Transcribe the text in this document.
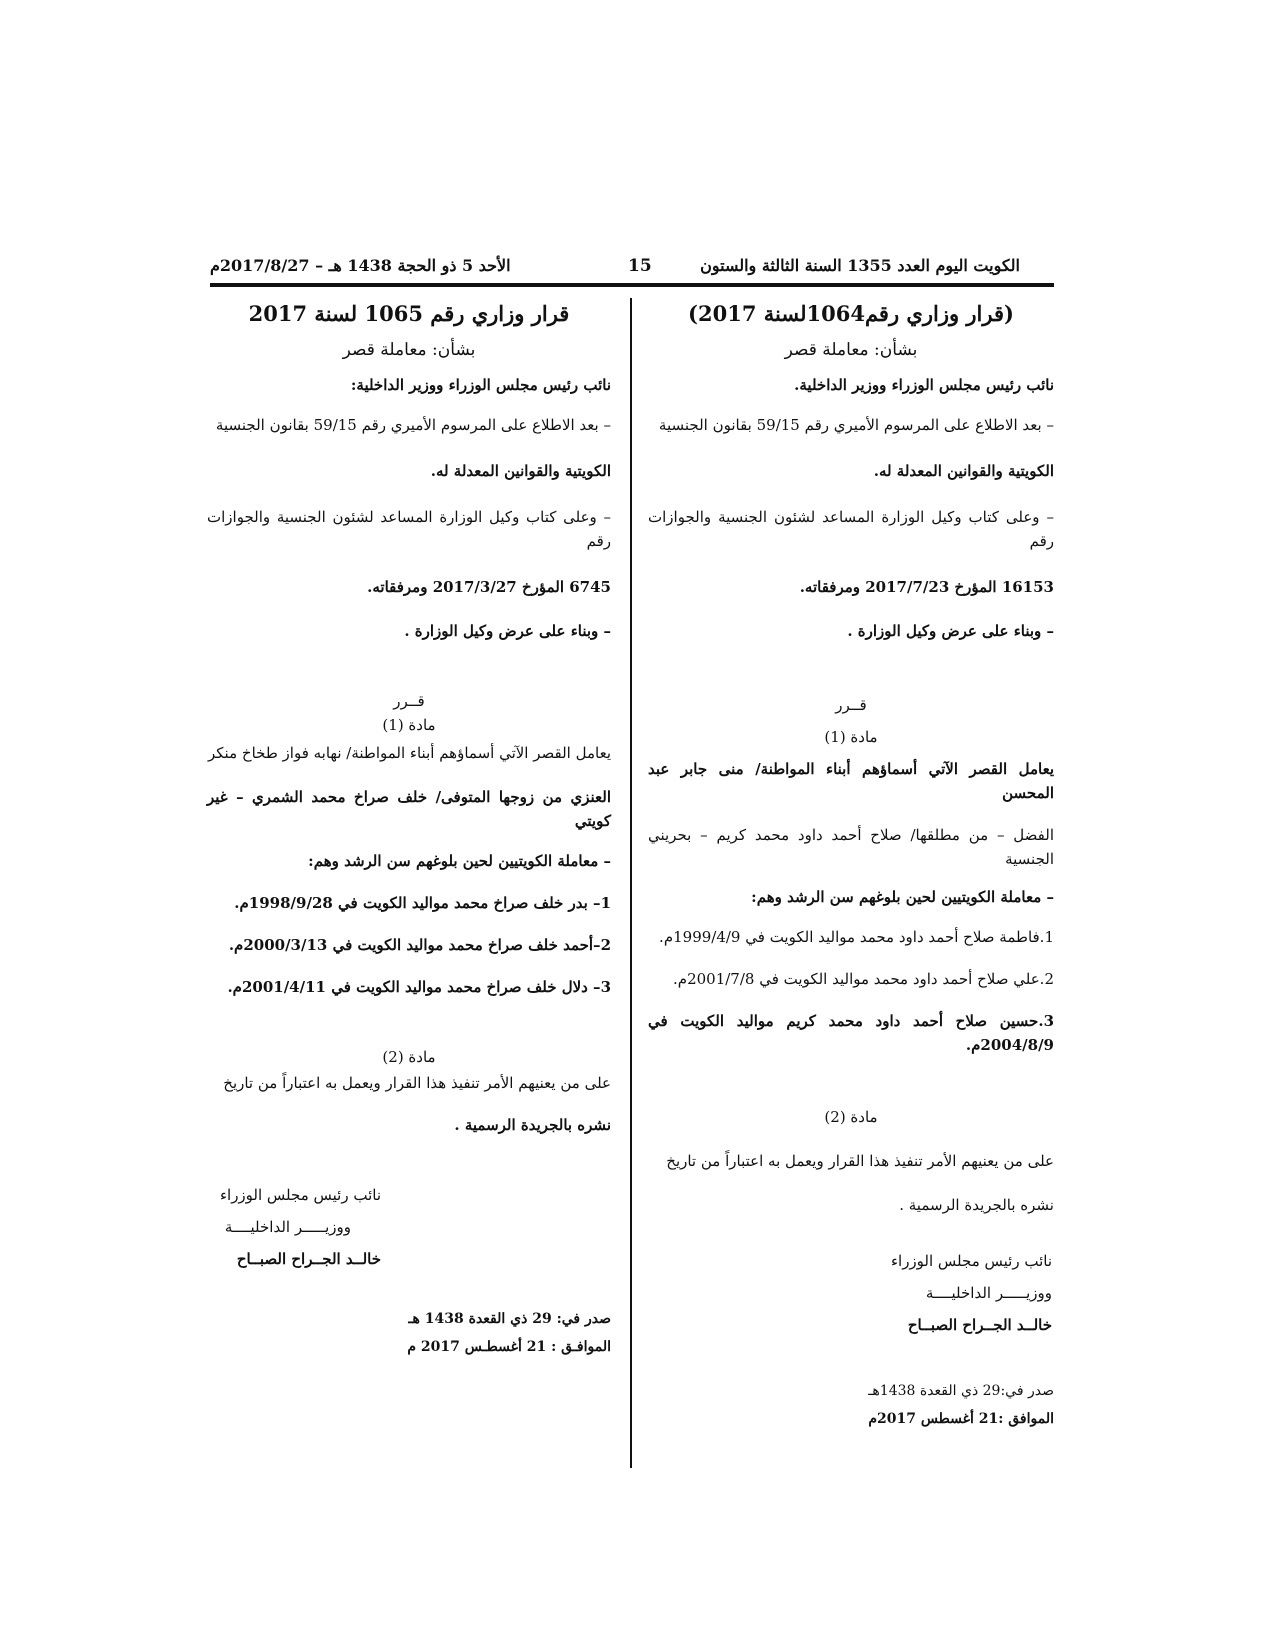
الكويت اليوم العدد 1355 السنة الثالثة والستون
15
الأحد 5 ذو الحجة 1438 هـ – 2017/8/27م

(قرار وزاري رقم1064لسنة 2017)

بشأن: معاملة قصر

نائب رئيس مجلس الوزراء ووزير الداخلية.

– بعد الاطلاع على المرسوم الأميري رقم 59/15 بقانون الجنسية

الكويتية والقوانين المعدلة له.

– وعلى كتاب وكيل الوزارة المساعد لشئون الجنسية والجوازات رقم

16153 المؤرخ 2017/7/23 ومرفقاته.

– وبناء على عرض وكيل الوزارة .

قــرر

مادة (1)

يعامل القصر الآتي أسماؤهم أبناء المواطنة/ منى جابر عبد المحسن

الفضل – من مطلقها/ صلاح أحمد داود محمد كريم – بحريني الجنسية

– معاملة الكويتيين لحين بلوغهم سن الرشد وهم:

1.فاطمة صلاح أحمد داود محمد مواليد الكويت في 1999/4/9م.

2.علي صلاح أحمد داود محمد مواليد الكويت في 2001/7/8م.

3.حسين صلاح أحمد داود محمد كريم مواليد الكويت في 2004/8/9م.

مادة (2)

على من يعنيهم الأمر تنفيذ هذا القرار ويعمل به اعتباراً من تاريخ

نشره بالجريدة الرسمية .

نائب رئيس مجلس الوزراء

ووزيـــــر الداخليــــة

خالــد الجــراح الصبــاح

صدر في:29 ذي القعدة 1438هـ

الموافق :21 أغسطس 2017م

قرار وزاري رقم 1065 لسنة 2017

بشأن: معاملة قصر

نائب رئيس مجلس الوزراء ووزير الداخلية:

– بعد الاطلاع على المرسوم الأميري رقم 59/15 بقانون الجنسية

الكويتية والقوانين المعدلة له.

– وعلى كتاب وكيل الوزارة المساعد لشئون الجنسية والجوازات رقم

6745 المؤرخ 2017/3/27 ومرفقاته.

– وبناء على عرض وكيل الوزارة .

قــرر

مادة (1)

يعامل القصر الآتي أسماؤهم أبناء المواطنة/ نهابه فواز طخاخ منكر

العنزي من زوجها المتوفى/ خلف صراخ محمد الشمري – غير كويتي

– معاملة الكويتيين لحين بلوغهم سن الرشد وهم:

1– بدر خلف صراخ محمد مواليد الكويت في 1998/9/28م.

2–أحمد خلف صراخ محمد مواليد الكويت في 2000/3/13م.

3– دلال خلف صراخ محمد مواليد الكويت في 2001/4/11م.

مادة (2)

على من يعنيهم الأمر تنفيذ هذا القرار ويعمل به اعتباراً من تاريخ

نشره بالجريدة الرسمية .

نائب رئيس مجلس الوزراء

ووزيـــــر الداخليــــة

خالــد الجــراح الصبــاح

صدر في: 29 ذي القعدة 1438 هـ

الموافـق : 21 أغسطـس 2017 م
